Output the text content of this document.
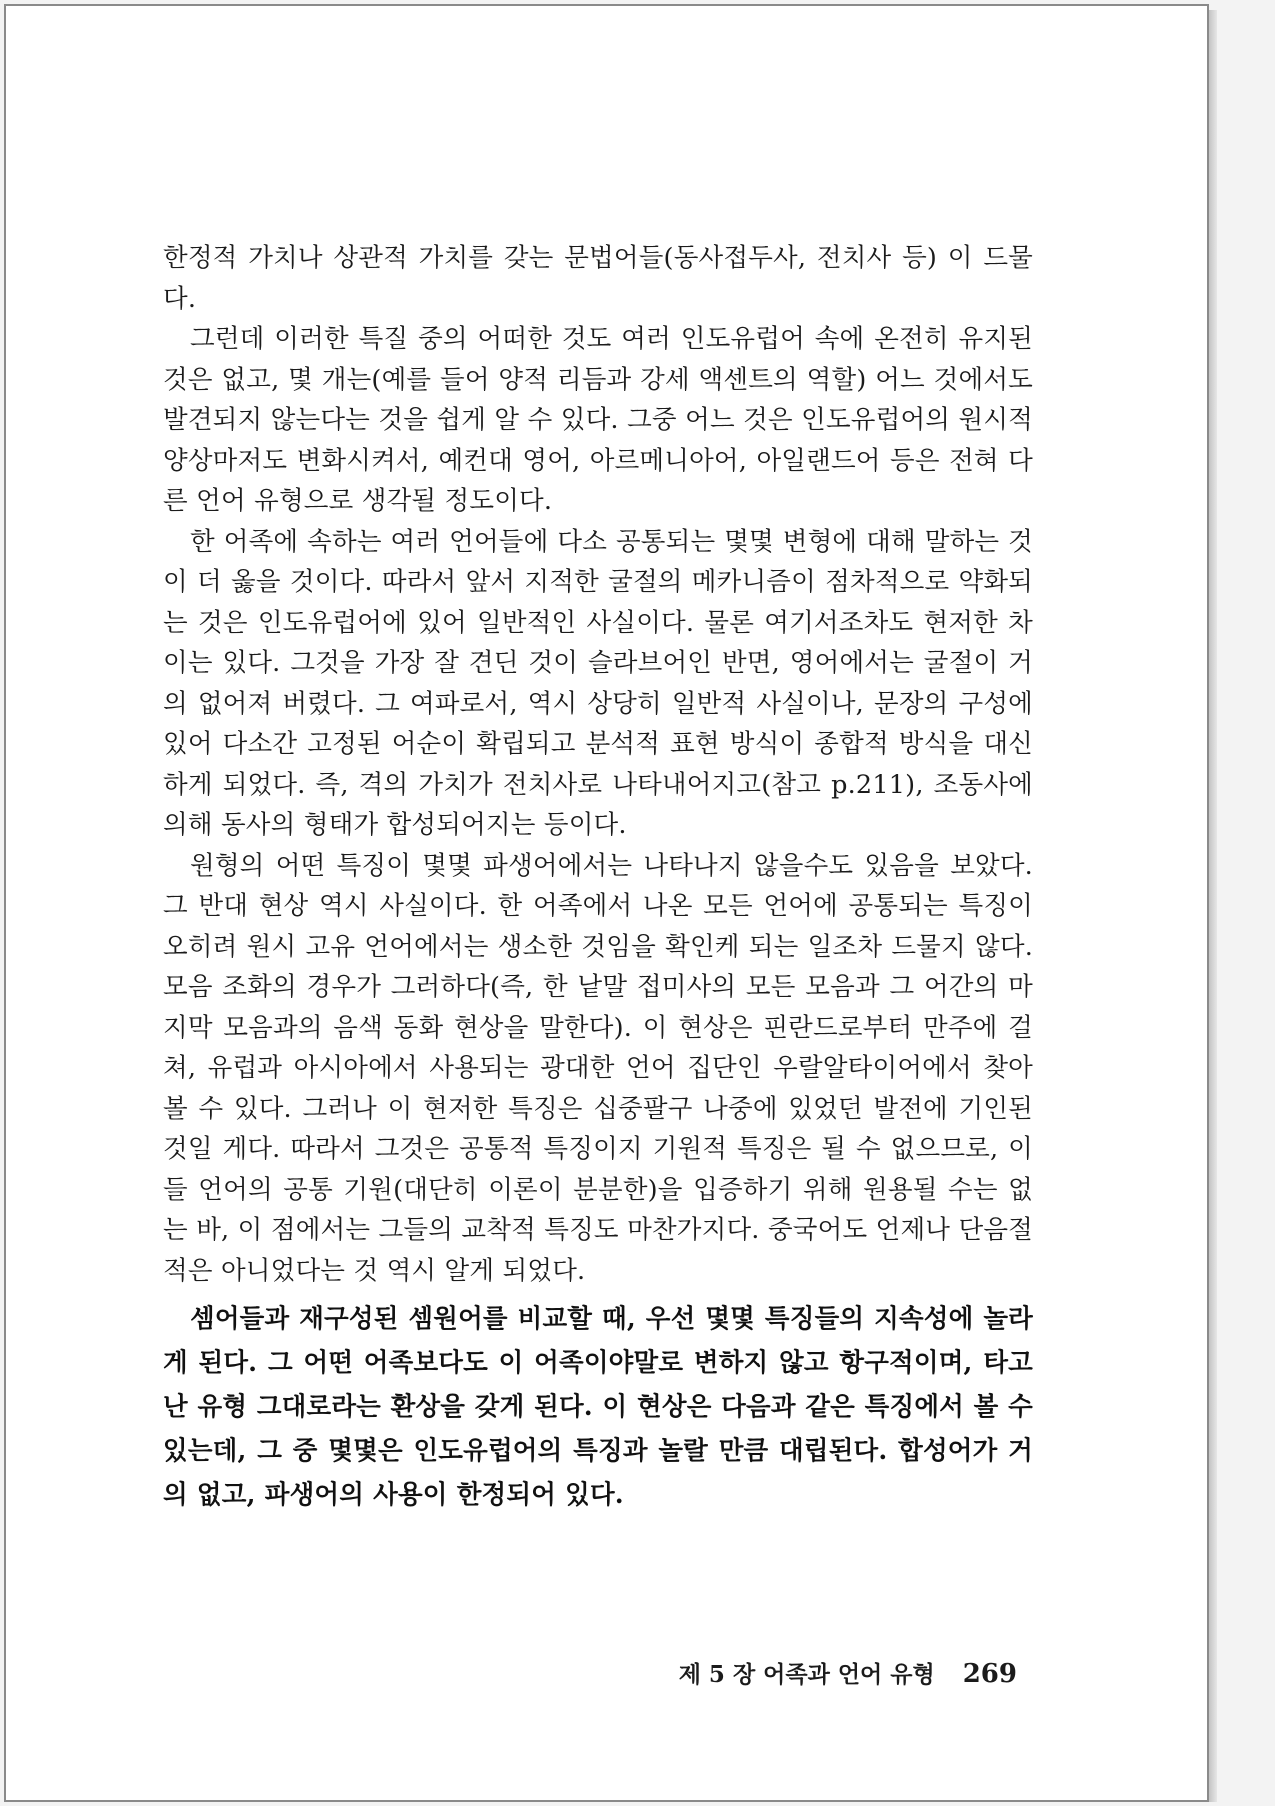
한정적 가치나 상관적 가치를 갖는 문법어들(동사접두사, 전치사 등) 이 드물다.

그런데 이러한 특질 중의 어떠한 것도 여러 인도유럽어 속에 온전히 유지된 것은 없고, 몇 개는(예를 들어 양적 리듬과 강세 액센트의 역할) 어느 것에서도 발견되지 않는다는 것을 쉽게 알 수 있다. 그중 어느 것은 인도유럽어의 원시적 양상마저도 변화시켜서, 예컨대 영어, 아르메니아어, 아일랜드어 등은 전혀 다른 언어 유형으로 생각될 정도이다.

한 어족에 속하는 여러 언어들에 다소 공통되는 몇몇 변형에 대해 말하는 것이 더 옳을 것이다. 따라서 앞서 지적한 굴절의 메카니즘이 점차적으로 약화되는 것은 인도유럽어에 있어 일반적인 사실이다. 물론 여기서조차도 현저한 차이는 있다. 그것을 가장 잘 견딘 것이 슬라브어인 반면, 영어에서는 굴절이 거의 없어져 버렸다. 그 여파로서, 역시 상당히 일반적 사실이나, 문장의 구성에 있어 다소간 고정된 어순이 확립되고 분석적 표현 방식이 종합적 방식을 대신하게 되었다. 즉, 격의 가치가 전치사로 나타내어지고(참고 p.211), 조동사에 의해 동사의 형태가 합성되어지는 등이다.

원형의 어떤 특징이 몇몇 파생어에서는 나타나지 않을수도 있음을 보았다. 그 반대 현상 역시 사실이다. 한 어족에서 나온 모든 언어에 공통되는 특징이 오히려 원시 고유 언어에서는 생소한 것임을 확인케 되는 일조차 드물지 않다. 모음 조화의 경우가 그러하다(즉, 한 낱말 접미사의 모든 모음과 그 어간의 마지막 모음과의 음색 동화 현상을 말한다). 이 현상은 핀란드로부터 만주에 걸쳐, 유럽과 아시아에서 사용되는 광대한 언어 집단인 우랄알타이어에서 찾아 볼 수 있다. 그러나 이 현저한 특징은 십중팔구 나중에 있었던 발전에 기인된 것일 게다. 따라서 그것은 공통적 특징이지 기원적 특징은 될 수 없으므로, 이들 언어의 공통 기원(대단히 이론이 분분한)을 입증하기 위해 원용될 수는 없는 바, 이 점에서는 그들의 교착적 특징도 마찬가지다. 중국어도 언제나 단음절적은 아니었다는 것 역시 알게 되었다.

셈어들과 재구성된 셈원어를 비교할 때, 우선 몇몇 특징들의 지속성에 놀라게 된다. 그 어떤 어족보다도 이 어족이야말로 변하지 않고 항구적이며, 타고난 유형 그대로라는 환상을 갖게 된다. 이 현상은 다음과 같은 특징에서 볼 수 있는데, 그 중 몇몇은 인도유럽어의 특징과 놀랄 만큼 대립된다. 합성어가 거의 없고, 파생어의 사용이 한정되어 있다.

제 5 장 어족과 언어 유형 269
